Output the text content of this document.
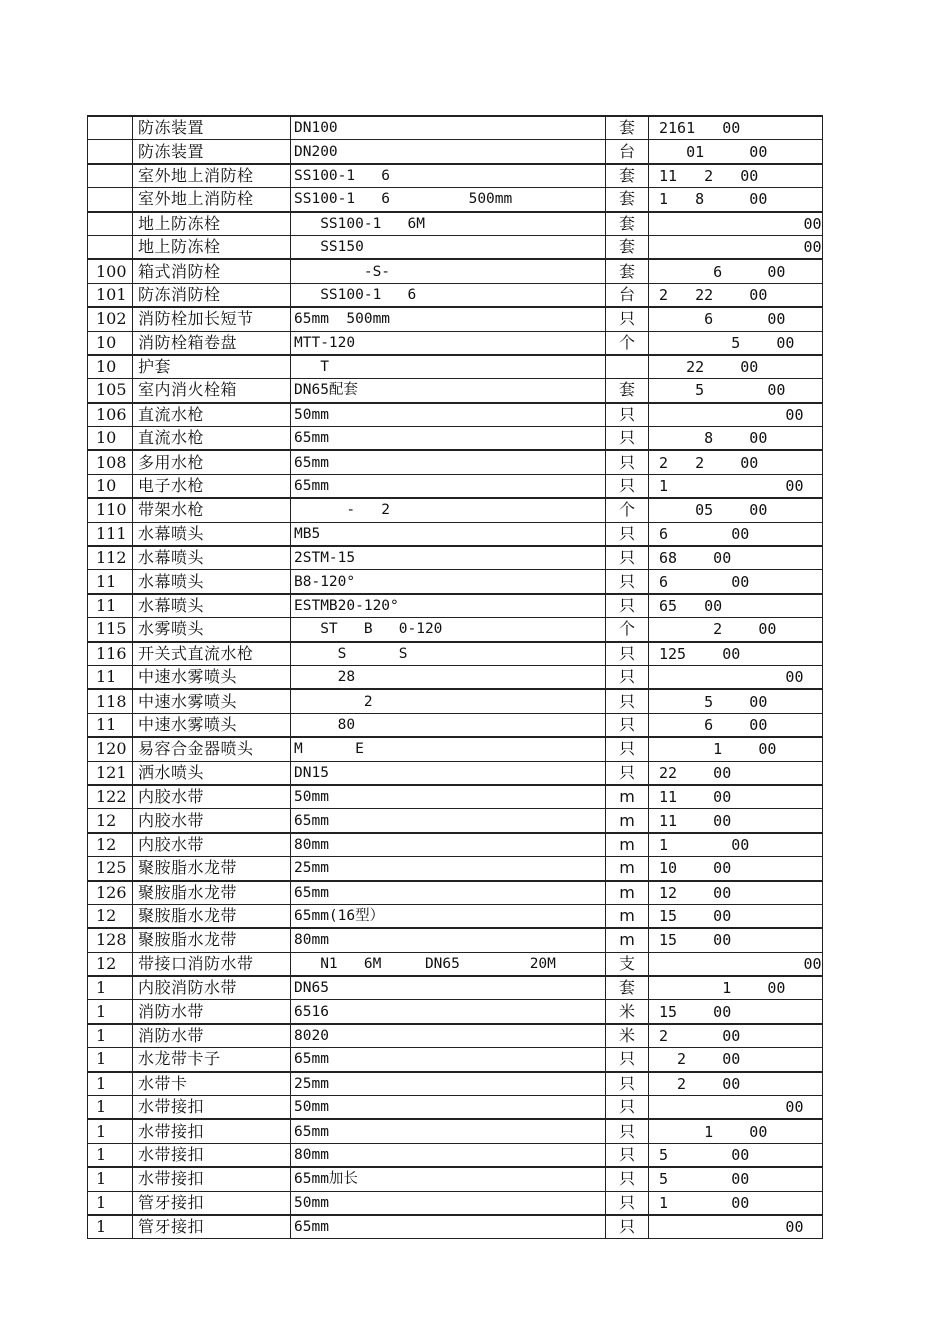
	防冻装置	DN100	套	2161   00
	防冻装置	DN200	台	01     00
	室外地上消防栓	SS100-1   6	套	11   2   00
	室外地上消防栓	SS100-1   6         500mm	套	1   8     00
	地上防冻栓	SS100-1   6M	套	00
	地上防冻栓	SS150	套	00
100	箱式消防栓	-S-	套	6     00
101	防冻消防栓	SS100-1   6	台	2   22    00
102	消防栓加长短节	65mm  500mm	只	6      00
10	消防栓箱卷盘	MTT-120	个	5    00
10	护套	T		22    00
105	室内消火栓箱	DN65配套	套	5       00
106	直流水枪	50mm	只	00
10	直流水枪	65mm	只	8    00
108	多用水枪	65mm	只	2   2    00
10	电子水枪	65mm	只	1             00
110	带架水枪	-   2	个	05    00
111	水幕喷头	MB5	只	6       00
112	水幕喷头	2STM-15	只	68    00
11	水幕喷头	B8-120°	只	6       00
11	水幕喷头	ESTMB20-120°	只	65   00
115	水雾喷头	ST   B   0-120	个	2    00
116	开关式直流水枪	S      S	只	125    00
11	中速水雾喷头	28	只	00
118	中速水雾喷头	2	只	5    00
11	中速水雾喷头	80	只	6    00
120	易容合金器喷头	M      E	只	1    00
121	洒水喷头	DN15	只	22    00
122	内胶水带	50mm	m	11    00
12	内胶水带	65mm	m	11    00
12	内胶水带	80mm	m	1       00
125	聚胺脂水龙带	25mm	m	10    00
126	聚胺脂水龙带	65mm	m	12    00
12	聚胺脂水龙带	65mm(16型）	m	15    00
128	聚胺脂水龙带	80mm	m	15    00
12	带接口消防水带	N1   6M     DN65        20M	支	00
1	内胶消防水带	DN65	套	1    00
1	消防水带	6516	米	15    00
1	消防水带	8020	米	2      00
1	水龙带卡子	65mm	只	2    00
1	水带卡	25mm	只	2    00
1	水带接扣	50mm	只	00
1	水带接扣	65mm	只	1    00
1	水带接扣	80mm	只	5       00
1	水带接扣	65mm加长	只	5       00
1	管牙接扣	50mm	只	1       00
1	管牙接扣	65mm	只	00
